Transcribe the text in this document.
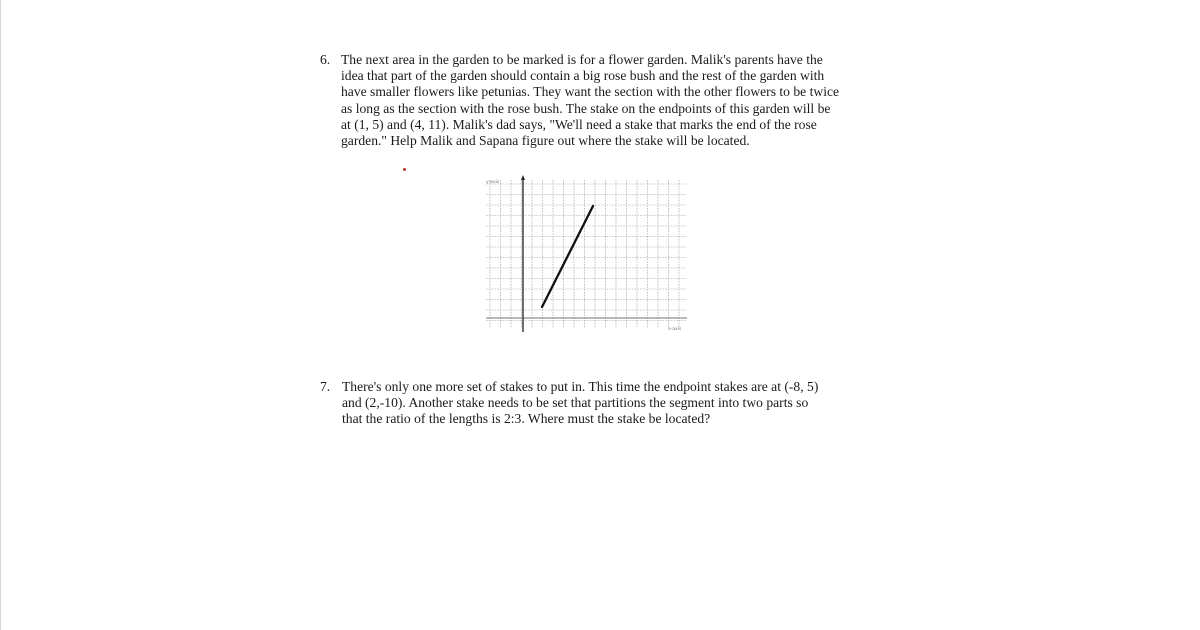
6. The next area in the garden to be marked is for a flower garden. Malik's parents have the

idea that part of the garden should contain a big rose bush and the rest of the garden with

have smaller flowers like petunias. They want the section with the other flowers to be twice

as long as the section with the rose bush. The stake on the endpoints of this garden will be

at (1, 5) and (4, 11). Malik's dad says, "We'll need a stake that marks the end of the rose

garden." Help Malik and Sapana figure out where the stake will be located.

y-axis
x-axis
7. There's only one more set of stakes to put in. This time the endpoint stakes are at (-8, 5)

and (2,-10). Another stake needs to be set that partitions the segment into two parts so

that the ratio of the lengths is 2:3. Where must the stake be located?
